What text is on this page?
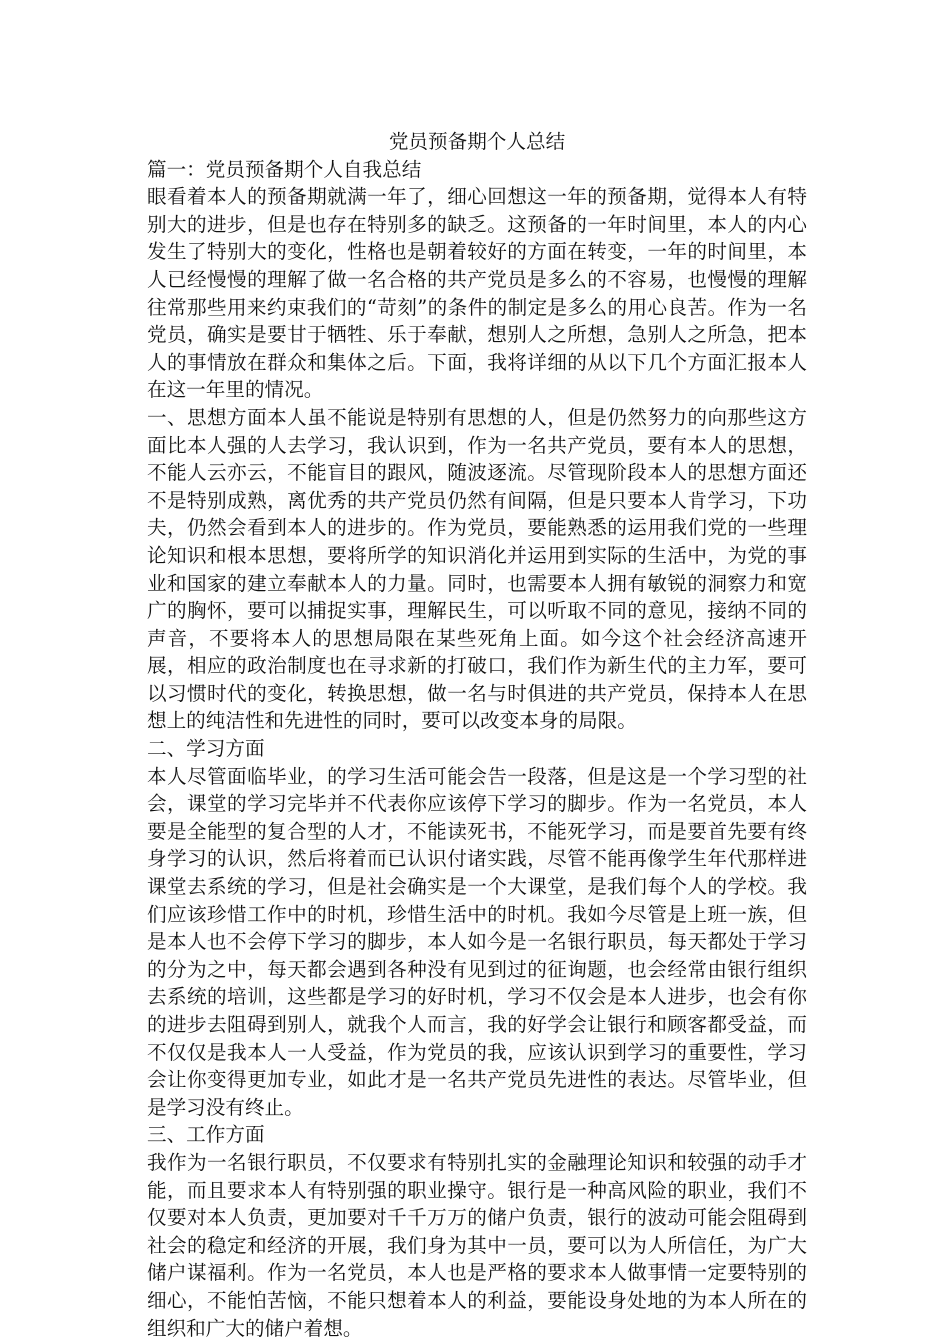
党员预备期个人总结

篇一：党员预备期个人自我总结

眼看着本人的预备期就满一年了，细心回想这一年的预备期，觉得本人有特别大的进步，但是也存在特别多的缺乏。这预备的一年时间里，本人的内心发生了特别大的变化，性格也是朝着较好的方面在转变，一年的时间里，本人已经慢慢的理解了做一名合格的共产党员是多么的不容易，也慢慢的理解往常那些用来约束我们的“苛刻”的条件的制定是多么的用心良苦。作为一名党员，确实是要甘于牺牲、乐于奉献，想别人之所想，急别人之所急，把本人的事情放在群众和集体之后。下面，我将详细的从以下几个方面汇报本人在这一年里的情况。

一、思想方面本人虽不能说是特别有思想的人，但是仍然努力的向那些这方面比本人强的人去学习，我认识到，作为一名共产党员，要有本人的思想，不能人云亦云，不能盲目的跟风，随波逐流。尽管现阶段本人的思想方面还不是特别成熟，离优秀的共产党员仍然有间隔，但是只要本人肯学习，下功夫，仍然会看到本人的进步的。作为党员，要能熟悉的运用我们党的一些理论知识和根本思想，要将所学的知识消化并运用到实际的生活中，为党的事业和国家的建立奉献本人的力量。同时，也需要本人拥有敏锐的洞察力和宽广的胸怀，要可以捕捉实事，理解民生，可以听取不同的意见，接纳不同的声音，不要将本人的思想局限在某些死角上面。如今这个社会经济高速开展，相应的政治制度也在寻求新的打破口，我们作为新生代的主力军，要可以习惯时代的变化，转换思想，做一名与时俱进的共产党员，保持本人在思想上的纯洁性和先进性的同时，要可以改变本身的局限。

二、学习方面

本人尽管面临毕业，的学习生活可能会告一段落，但是这是一个学习型的社会，课堂的学习完毕并不代表你应该停下学习的脚步。作为一名党员，本人要是全能型的复合型的人才，不能读死书，不能死学习，而是要首先要有终身学习的认识，然后将着而已认识付诸实践，尽管不能再像学生年代那样进课堂去系统的学习，但是社会确实是一个大课堂，是我们每个人的学校。我们应该珍惜工作中的时机，珍惜生活中的时机。我如今尽管是上班一族，但是本人也不会停下学习的脚步，本人如今是一名银行职员，每天都处于学习的分为之中，每天都会遇到各种没有见到过的征询题，也会经常由银行组织去系统的培训，这些都是学习的好时机，学习不仅会是本人进步，也会有你的进步去阻碍到别人，就我个人而言，我的好学会让银行和顾客都受益，而不仅仅是我本人一人受益，作为党员的我，应该认识到学习的重要性，学习会让你变得更加专业，如此才是一名共产党员先进性的表达。尽管毕业，但是学习没有终止。

三、工作方面

我作为一名银行职员，不仅要求有特别扎实的金融理论知识和较强的动手才能，而且要求本人有特别强的职业操守。银行是一种高风险的职业，我们不仅要对本人负责，更加要对千千万万的储户负责，银行的波动可能会阻碍到社会的稳定和经济的开展，我们身为其中一员，要可以为人所信任，为广大储户谋福利。作为一名党员，本人也是严格的要求本人做事情一定要特别的细心，不能怕苦恼，不能只想着本人的利益，要能设身处地的为本人所在的组织和广大的储户着想。
